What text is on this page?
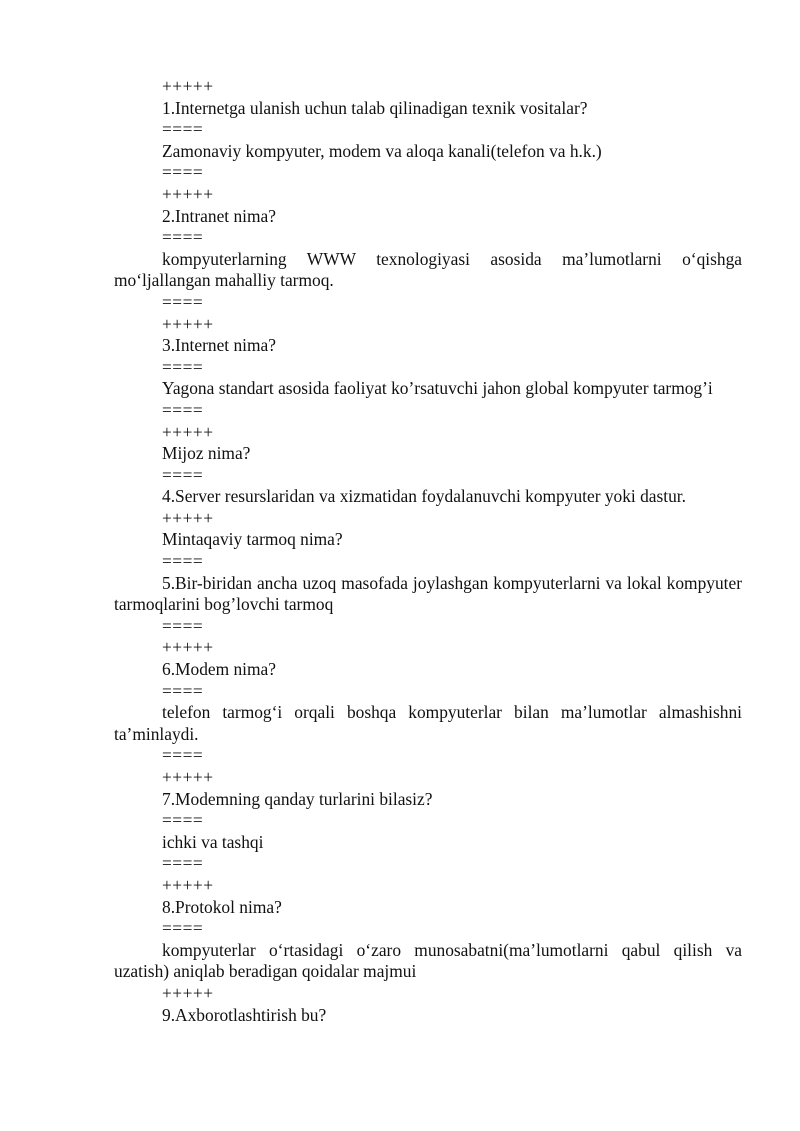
+++++

1.Internetga ulanish uchun talab qilinadigan texnik vositalar?

====

Zamonaviy kompyuter, modem va aloqa kanali(telefon va h.k.)

====

+++++

2.Intranet nima?

====

kompyuterlarning WWW texnologiyasi asosida ma’lumotlarni o‘qishga mo‘ljallangan mahalliy tarmoq.

====

+++++

3.Internet nima?

====

Yagona standart asosida faoliyat ko’rsatuvchi jahon global kompyuter tarmog’i

====

+++++

Mijoz nima?

====

4.Server resurslaridan va xizmatidan foydalanuvchi kompyuter yoki dastur.

+++++

Mintaqaviy tarmoq nima?

====

5.Bir-biridan ancha uzoq masofada joylashgan kompyuterlarni va lokal kompyuter tarmoqlarini bog’lovchi tarmoq

====

+++++

6.Modem nima?

====

telefon tarmog‘i orqali boshqa kompyuterlar bilan ma’lumotlar almashishni ta’minlaydi.

====

+++++

7.Modemning qanday turlarini bilasiz?

====

ichki va tashqi

====

+++++

8.Protokol nima?

====

kompyuterlar o‘rtasidagi o‘zaro munosabatni(ma’lumotlarni qabul qilish va uzatish) aniqlab beradigan qoidalar majmui

+++++

9.Axborotlashtirish bu?
